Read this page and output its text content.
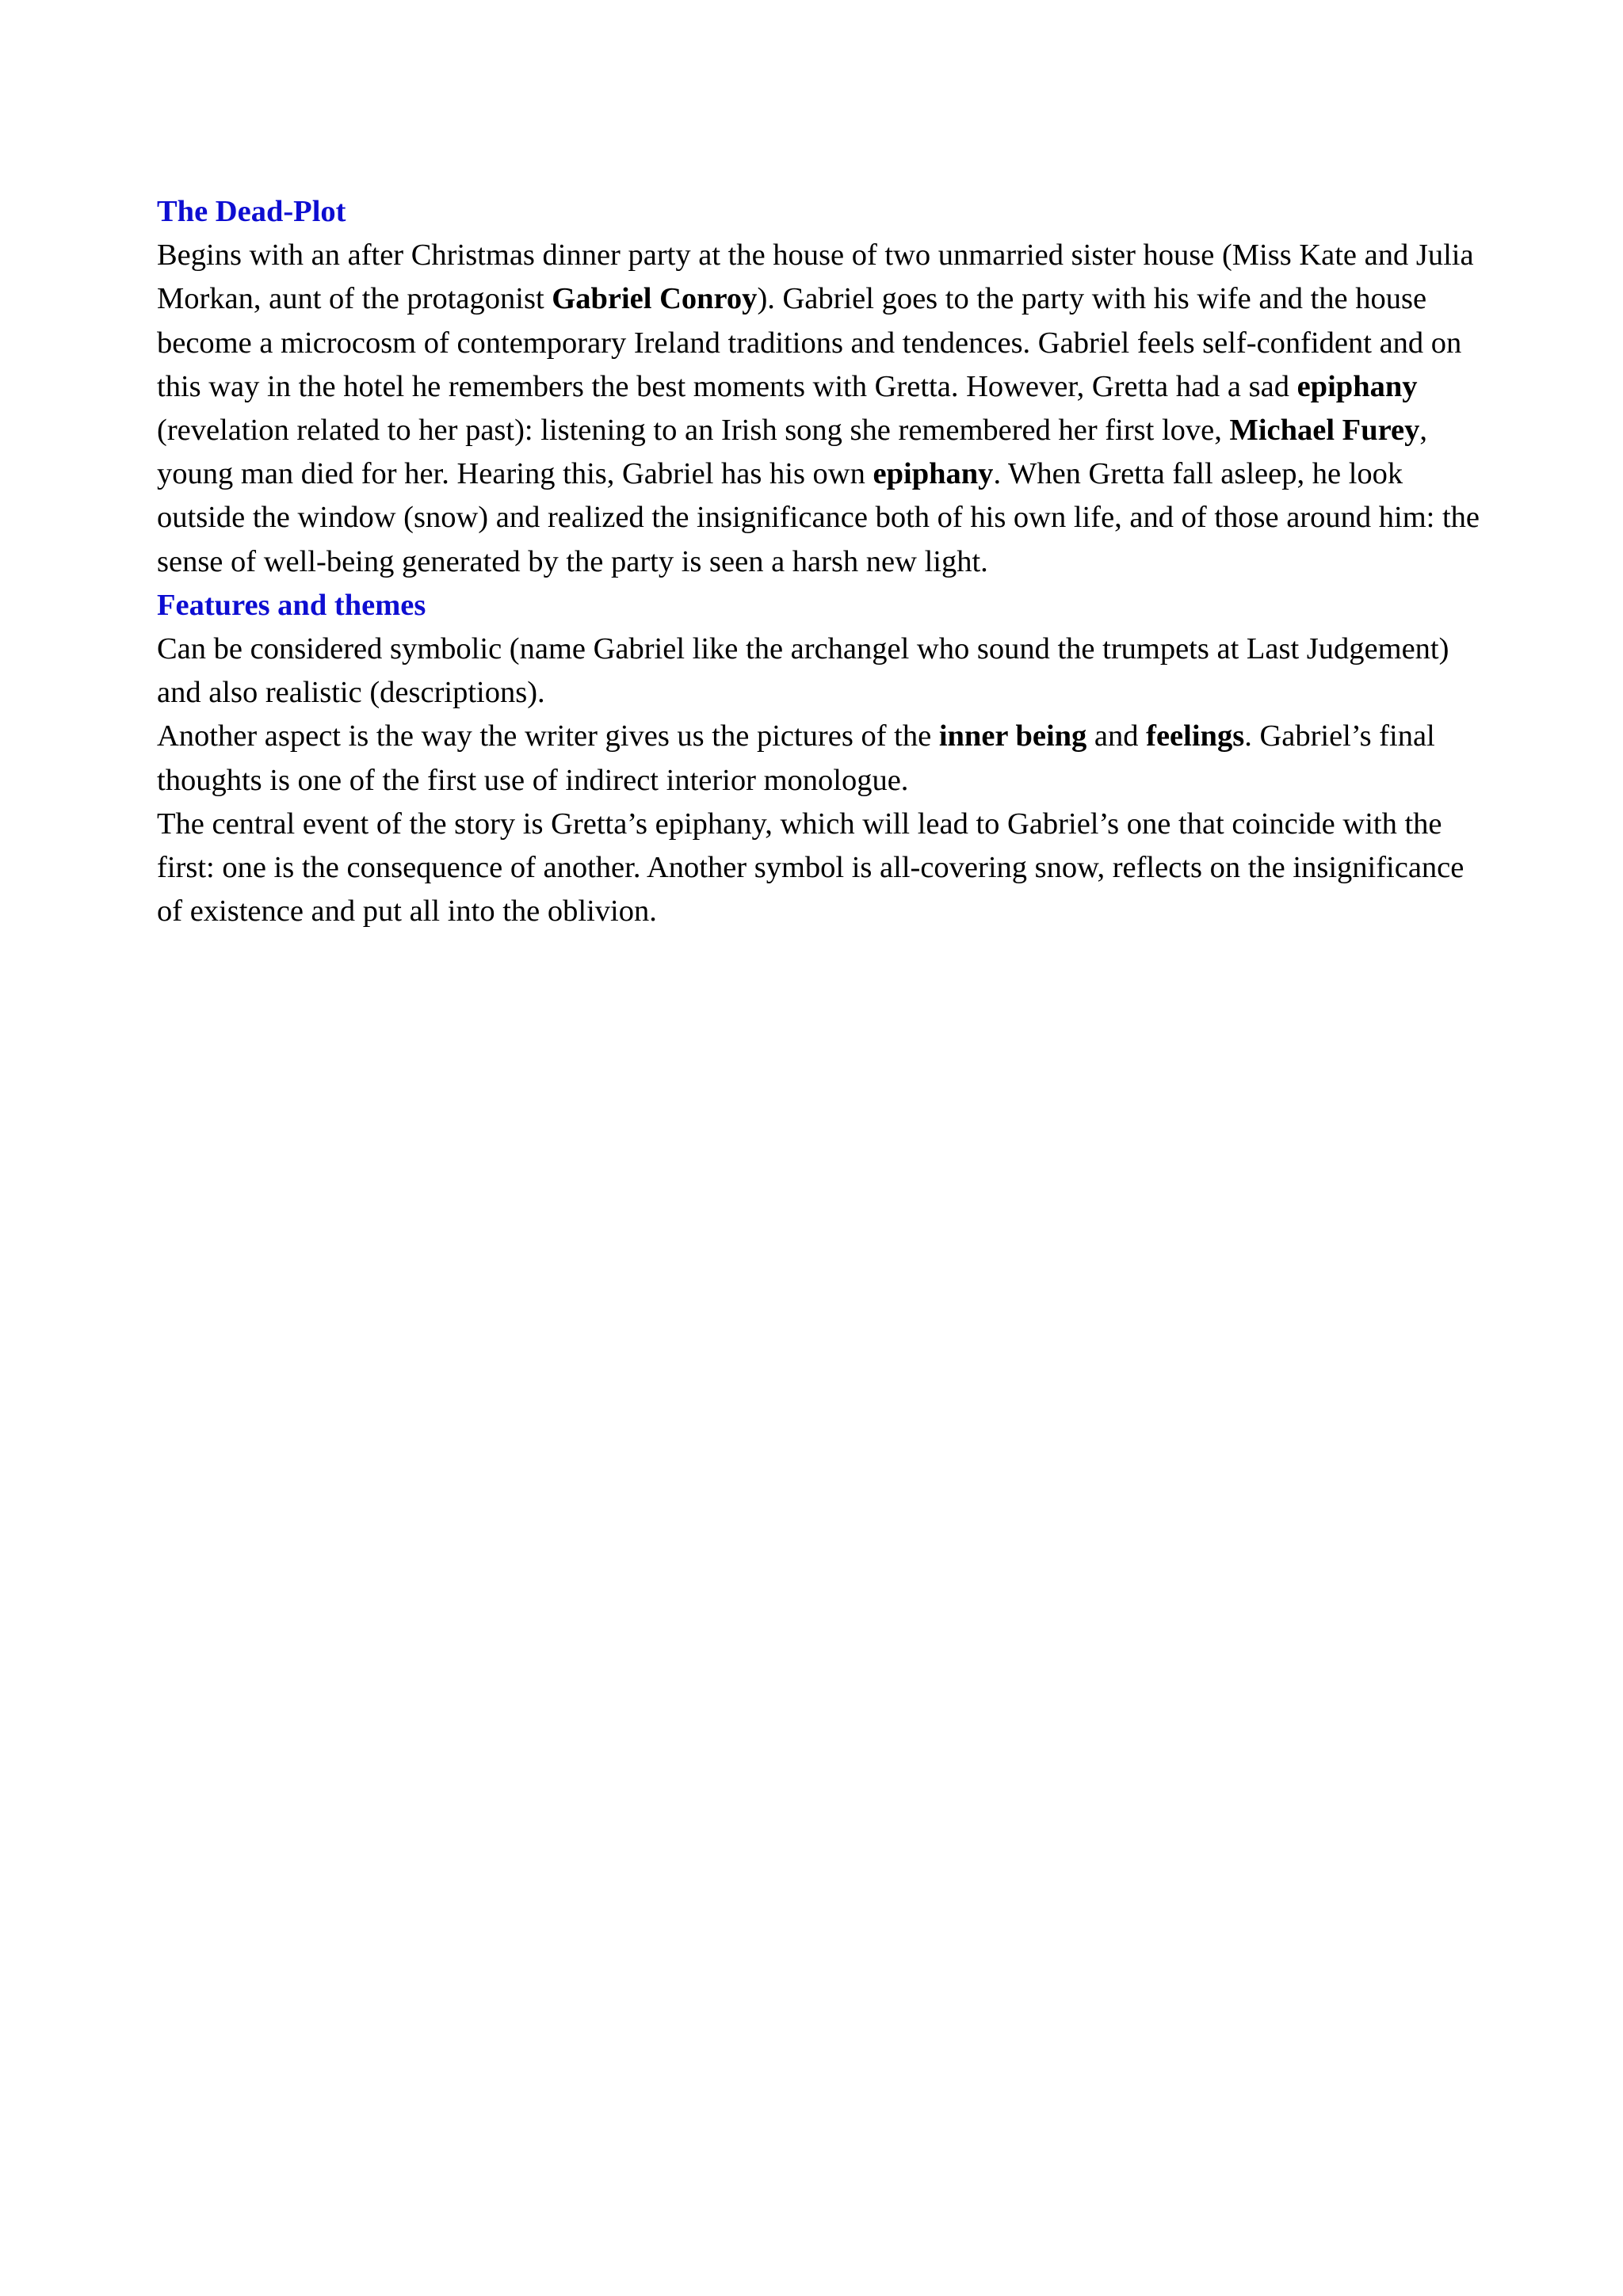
The Dead-Plot

Begins with an after Christmas dinner party at the house of two unmarried sister house (Miss Kate and Julia Morkan, aunt of the protagonist Gabriel Conroy). Gabriel goes to the party with his wife and the house become a microcosm of contemporary Ireland traditions and tendences. Gabriel feels self-confident and on this way in the hotel he remembers the best moments with Gretta. However, Gretta had a sad epiphany (revelation related to her past): listening to an Irish song she remembered her first love, Michael Furey, young man died for her. Hearing this, Gabriel has his own epiphany. When Gretta fall asleep, he look outside the window (snow) and realized the insignificance both of his own life, and of those around him: the sense of well-being generated by the party is seen a harsh new light.

Features and themes

Can be considered symbolic (name Gabriel like the archangel who sound the trumpets at Last Judgement) and also realistic (descriptions).

Another aspect is the way the writer gives us the pictures of the inner being and feelings. Gabriel’s final thoughts is one of the first use of indirect interior monologue.

The central event of the story is Gretta’s epiphany, which will lead to Gabriel’s one that coincide with the first: one is the consequence of another. Another symbol is all-covering snow, reflects on the insignificance of existence and put all into the oblivion.
